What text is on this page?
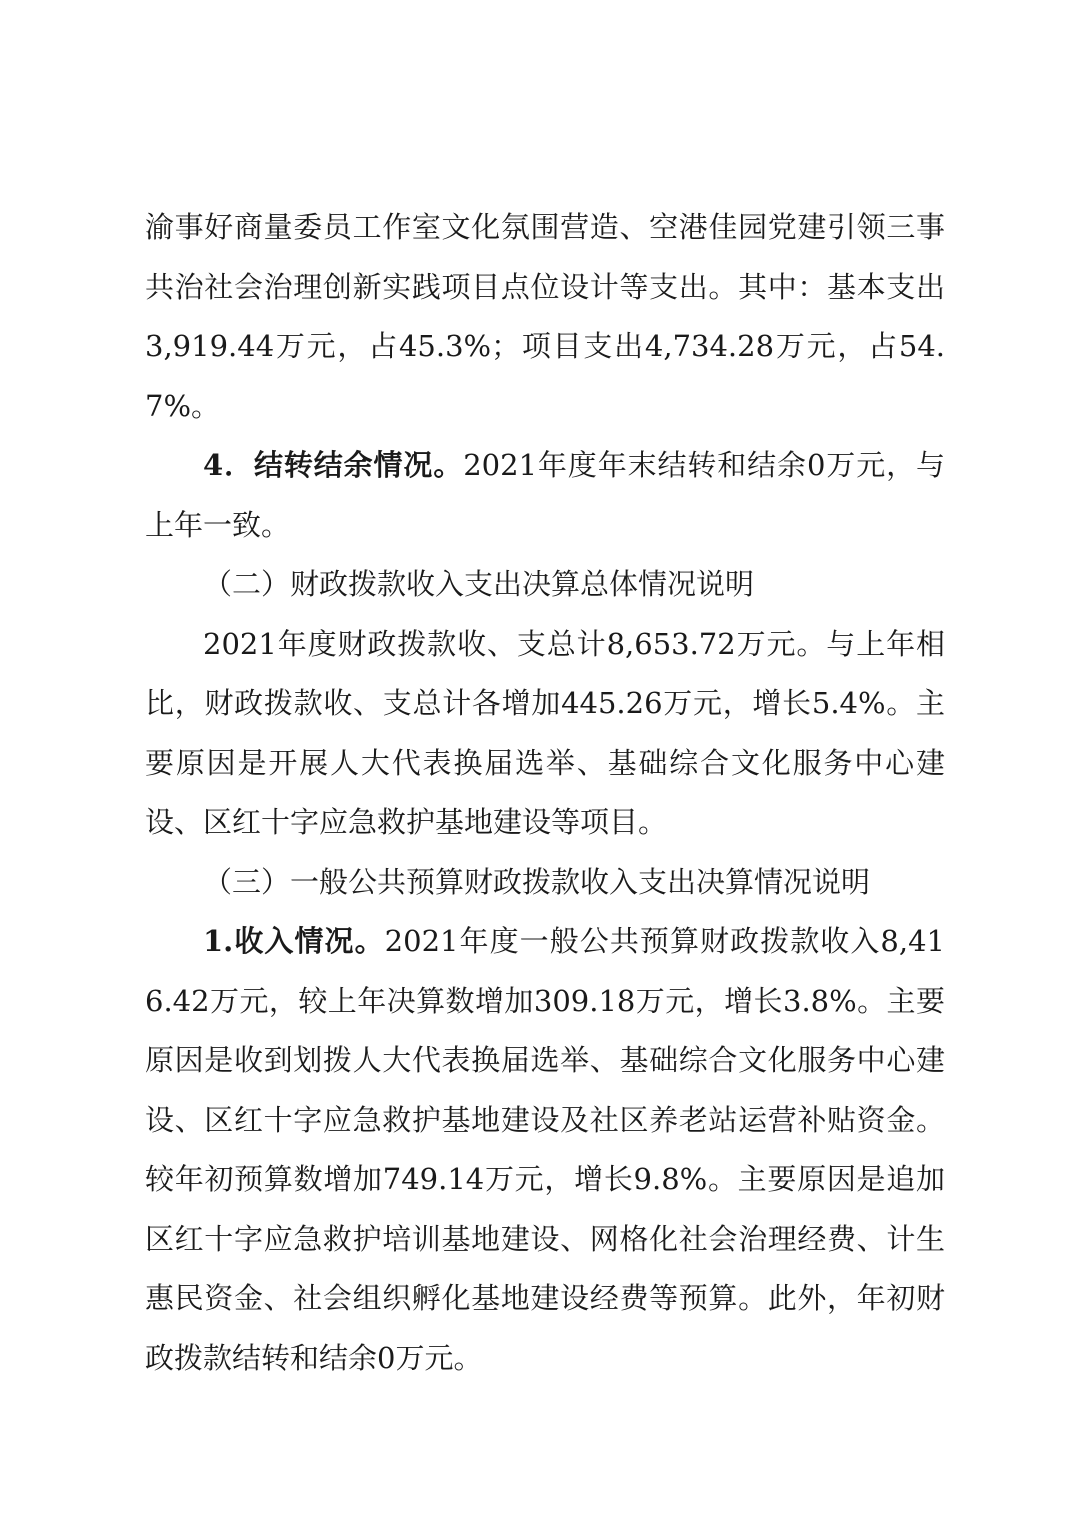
渝事好商量委员工作室文化氛围营造、空港佳园党建引领三事共治社会治理创新实践项目点位设计等支出。其中：基本支出3,919.44万元，占45.3%；项目支出4,734.28万元，占54.7%。

4．结转结余情况。2021年度年末结转和结余0万元，与上年一致。

（二）财政拨款收入支出决算总体情况说明

2021年度财政拨款收、支总计8,653.72万元。与上年相比，财政拨款收、支总计各增加445.26万元，增长5.4%。主要原因是开展人大代表换届选举、基础综合文化服务中心建设、区红十字应急救护基地建设等项目。

（三）一般公共预算财政拨款收入支出决算情况说明

1.收入情况。2021年度一般公共预算财政拨款收入8,416.42万元，较上年决算数增加309.18万元，增长3.8%。主要原因是收到划拨人大代表换届选举、基础综合文化服务中心建设、区红十字应急救护基地建设及社区养老站运营补贴资金。较年初预算数增加749.14万元，增长9.8%。主要原因是追加区红十字应急救护培训基地建设、网格化社会治理经费、计生惠民资金、社会组织孵化基地建设经费等预算。此外，年初财政拨款结转和结余0万元。
